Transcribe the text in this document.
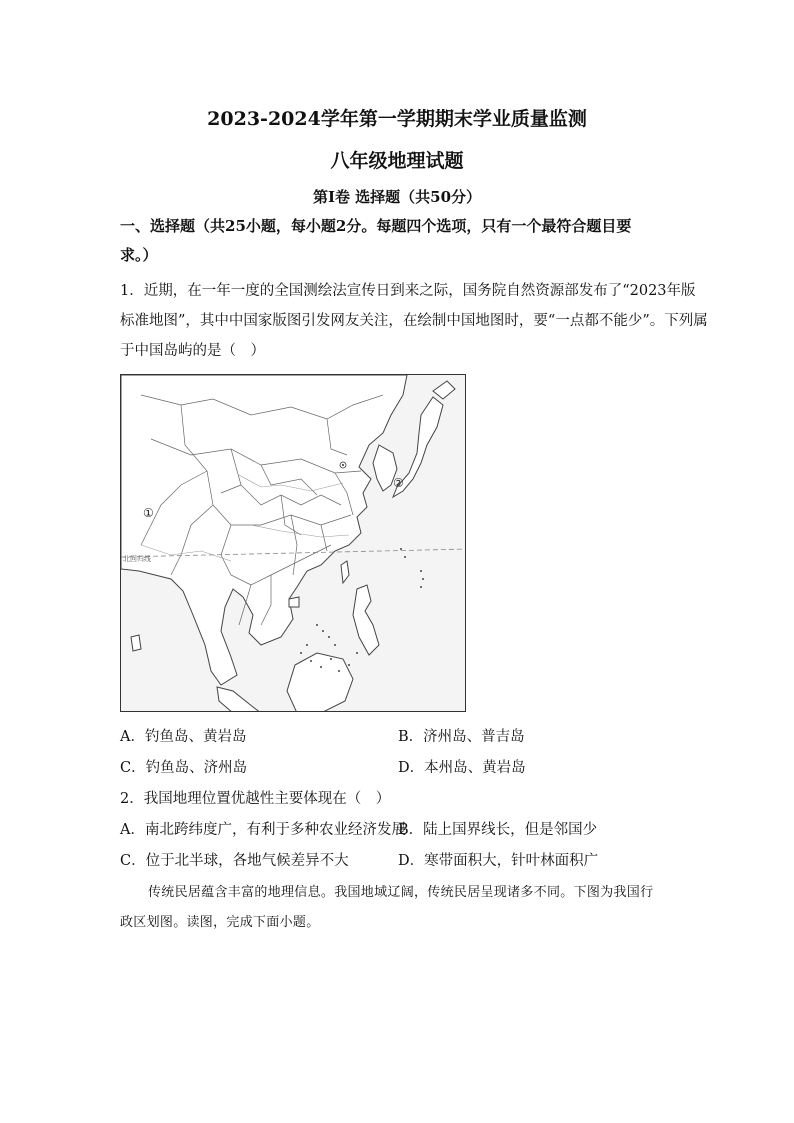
2023-2024学年第一学期期末学业质量监测
八年级地理试题
第Ⅰ卷 选择题（共50分）
一、选择题（共25小题，每小题2分。每题四个选项，只有一个最符合题目要
求。）
1．近期，在一年一度的全国测绘法宣传日到来之际，国务院自然资源部发布了“2023年版
标准地图”，其中中国家版图引发网友关注，在绘制中国地图时，要“一点都不能少”。下列属
于中国岛屿的是（　）
北回归线
①
②
A．钓鱼岛、黄岩岛	B．济州岛、普吉岛
C．钓鱼岛、济州岛	D．本州岛、黄岩岛
2．我国地理位置优越性主要体现在（　）
A．南北跨纬度广，有利于多种农业经济发展
B．陆上国界线长，但是邻国少
C．位于北半球，各地气候差异不大	D．寒带面积大，针叶林面积广
传统民居蕴含丰富的地理信息。我国地域辽阔，传统民居呈现诸多不同。下图为我国行
政区划图。读图，完成下面小题。
